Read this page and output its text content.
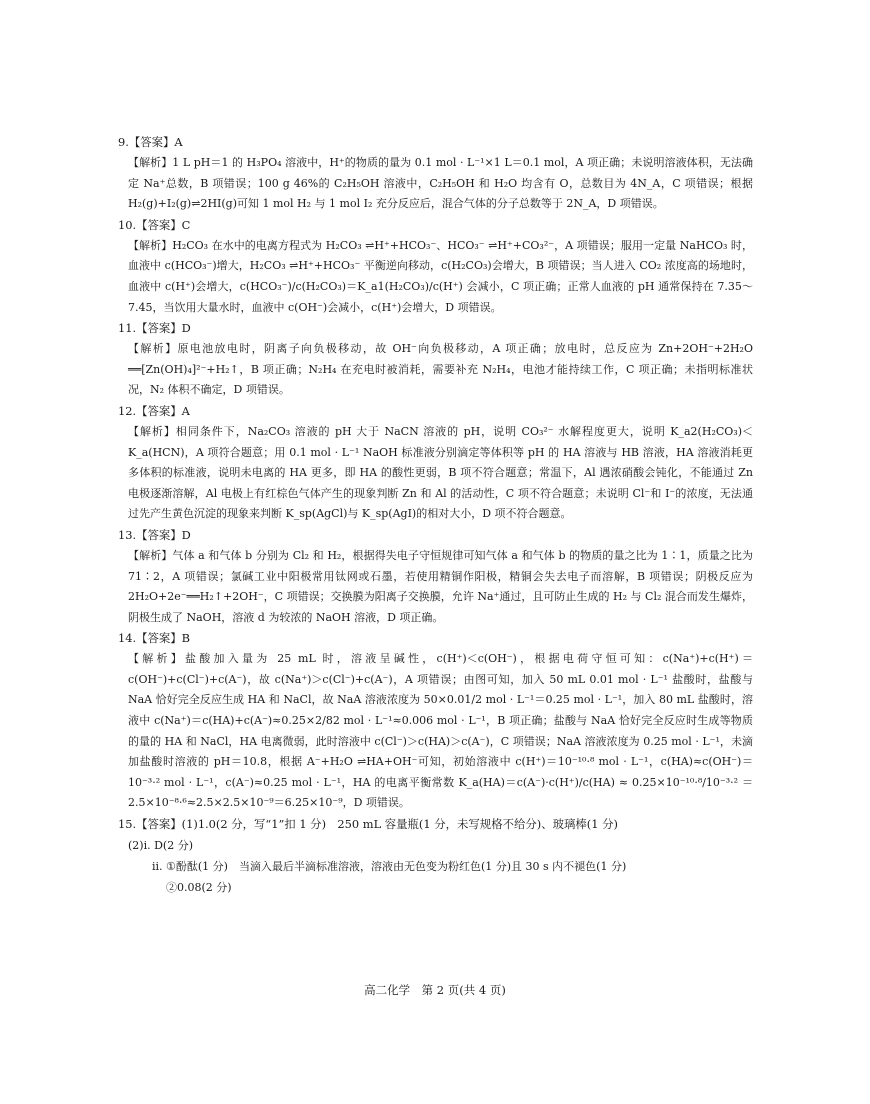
9.【答案】A

【解析】1 L pH＝1 的 H₃PO₄ 溶液中，H⁺的物质的量为 0.1 mol · L⁻¹×1 L＝0.1 mol，A 项正确；未说明溶液体积，无法确定 Na⁺总数，B 项错误；100 g 46%的 C₂H₅OH 溶液中，C₂H₅OH 和 H₂O 均含有 O，总数目为 4N_A，C 项错误；根据 H₂(g)+I₂(g)⇌2HI(g)可知 1 mol H₂ 与 1 mol I₂ 充分反应后，混合气体的分子总数等于 2N_A，D 项错误。

10.【答案】C

【解析】H₂CO₃ 在水中的电离方程式为 H₂CO₃ ⇌H⁺+HCO₃⁻、HCO₃⁻ ⇌H⁺+CO₃²⁻，A 项错误；服用一定量 NaHCO₃ 时，血液中 c(HCO₃⁻)增大，H₂CO₃ ⇌H⁺+HCO₃⁻ 平衡逆向移动，c(H₂CO₃)会增大，B 项错误；当人进入 CO₂ 浓度高的场地时，血液中 c(H⁺)会增大，c(HCO₃⁻)/c(H₂CO₃)＝K_a1(H₂CO₃)/c(H⁺) 会减小，C 项正确；正常人血液的 pH 通常保持在 7.35～7.45，当饮用大量水时，血液中 c(OH⁻)会减小，c(H⁺)会增大，D 项错误。

11.【答案】D

【解析】原电池放电时，阴离子向负极移动，故 OH⁻向负极移动，A 项正确；放电时，总反应为 Zn+2OH⁻+2H₂O ══[Zn(OH)₄]²⁻+H₂↑，B 项正确；N₂H₄ 在充电时被消耗，需要补充 N₂H₄，电池才能持续工作，C 项正确；未指明标准状况，N₂ 体积不确定，D 项错误。

12.【答案】A

【解析】相同条件下，Na₂CO₃ 溶液的 pH 大于 NaCN 溶液的 pH，说明 CO₃²⁻ 水解程度更大，说明 K_a2(H₂CO₃)＜K_a(HCN)，A 项符合题意；用 0.1 mol · L⁻¹ NaOH 标准液分别滴定等体积等 pH 的 HA 溶液与 HB 溶液，HA 溶液消耗更多体积的标准液，说明未电离的 HA 更多，即 HA 的酸性更弱，B 项不符合题意；常温下，Al 遇浓硝酸会钝化，不能通过 Zn 电极逐渐溶解，Al 电极上有红棕色气体产生的现象判断 Zn 和 Al 的活动性，C 项不符合题意；未说明 Cl⁻和 I⁻的浓度，无法通过先产生黄色沉淀的现象来判断 K_sp(AgCl)与 K_sp(AgI)的相对大小，D 项不符合题意。

13.【答案】D

【解析】气体 a 和气体 b 分别为 Cl₂ 和 H₂，根据得失电子守恒规律可知气体 a 和气体 b 的物质的量之比为 1∶1，质量之比为 71∶2，A 项错误；氯碱工业中阳极常用钛网或石墨，若使用精铜作阳极，精铜会失去电子而溶解，B 项错误；阴极反应为 2H₂O+2e⁻══H₂↑+2OH⁻，C 项错误；交换膜为阳离子交换膜，允许 Na⁺通过，且可防止生成的 H₂ 与 Cl₂ 混合而发生爆炸，阴极生成了 NaOH，溶液 d 为较浓的 NaOH 溶液，D 项正确。

14.【答案】B

【解析】盐酸加入量为 25 mL 时，溶液呈碱性，c(H⁺)＜c(OH⁻)，根据电荷守恒可知：c(Na⁺)+c(H⁺)＝c(OH⁻)+c(Cl⁻)+c(A⁻)，故 c(Na⁺)＞c(Cl⁻)+c(A⁻)，A 项错误；由图可知，加入 50 mL 0.01 mol · L⁻¹ 盐酸时，盐酸与 NaA 恰好完全反应生成 HA 和 NaCl，故 NaA 溶液浓度为 50×0.01/2 mol · L⁻¹＝0.25 mol · L⁻¹，加入 80 mL 盐酸时，溶液中 c(Na⁺)＝c(HA)+c(A⁻)≈0.25×2/82 mol · L⁻¹≈0.006 mol · L⁻¹，B 项正确；盐酸与 NaA 恰好完全反应时生成等物质的量的 HA 和 NaCl，HA 电离微弱，此时溶液中 c(Cl⁻)＞c(HA)＞c(A⁻)，C 项错误；NaA 溶液浓度为 0.25 mol · L⁻¹，未滴加盐酸时溶液的 pH＝10.8，根据 A⁻+H₂O ⇌HA+OH⁻可知，初始溶液中 c(H⁺)＝10⁻¹⁰·⁸ mol · L⁻¹，c(HA)≈c(OH⁻)＝10⁻³·² mol · L⁻¹，c(A⁻)≈0.25 mol · L⁻¹，HA 的电离平衡常数 K_a(HA)＝c(A⁻)·c(H⁺)/c(HA) ≈ 0.25×10⁻¹⁰·⁸/10⁻³·² ＝2.5×10⁻⁸·⁶≈2.5×2.5×10⁻⁹＝6.25×10⁻⁹，D 项错误。

15.【答案】(1)1.0(2 分，写“1”扣 1 分)　250 mL 容量瓶(1 分，未写规格不给分)、玻璃棒(1 分)

(2)i. D(2 分)

ii. ①酚酞(1 分)　当滴入最后半滴标准溶液，溶液由无色变为粉红色(1 分)且 30 s 内不褪色(1 分)

②0.08(2 分)

高二化学　第 2 页(共 4 页)
